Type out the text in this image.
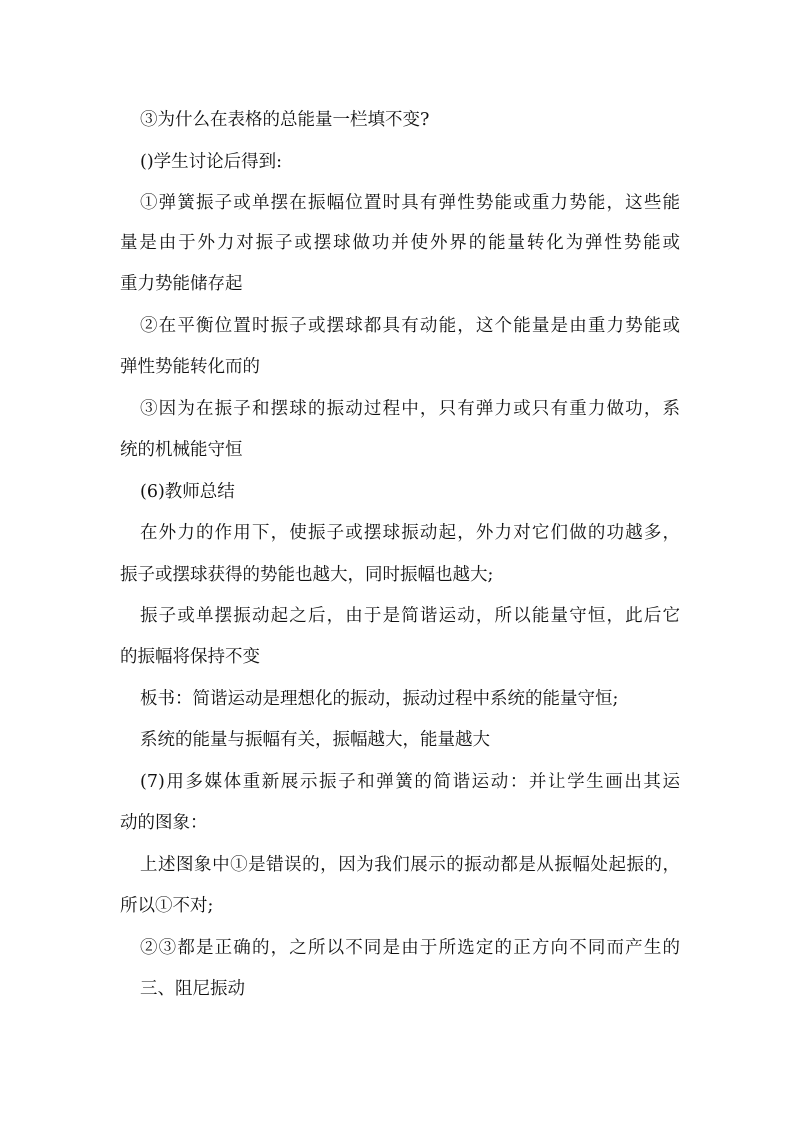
③为什么在表格的总能量一栏填不变?
()学生讨论后得到:
①弹簧振子或单摆在振幅位置时具有弹性势能或重力势能，这些能
量是由于外力对振子或摆球做功并使外界的能量转化为弹性势能或
重力势能储存起
②在平衡位置时振子或摆球都具有动能，这个能量是由重力势能或
弹性势能转化而的
③因为在振子和摆球的振动过程中，只有弹力或只有重力做功，系
统的机械能守恒
(6)教师总结
在外力的作用下，使振子或摆球振动起，外力对它们做的功越多，
振子或摆球获得的势能也越大，同时振幅也越大;
振子或单摆振动起之后，由于是简谐运动，所以能量守恒，此后它
的振幅将保持不变
板书：简谐运动是理想化的振动，振动过程中系统的能量守恒;
系统的能量与振幅有关，振幅越大，能量越大
(7)用多媒体重新展示振子和弹簧的简谐运动：并让学生画出其运
动的图象：
上述图象中①是错误的，因为我们展示的振动都是从振幅处起振的，
所以①不对;
②③都是正确的，之所以不同是由于所选定的正方向不同而产生的
三、阻尼振动
